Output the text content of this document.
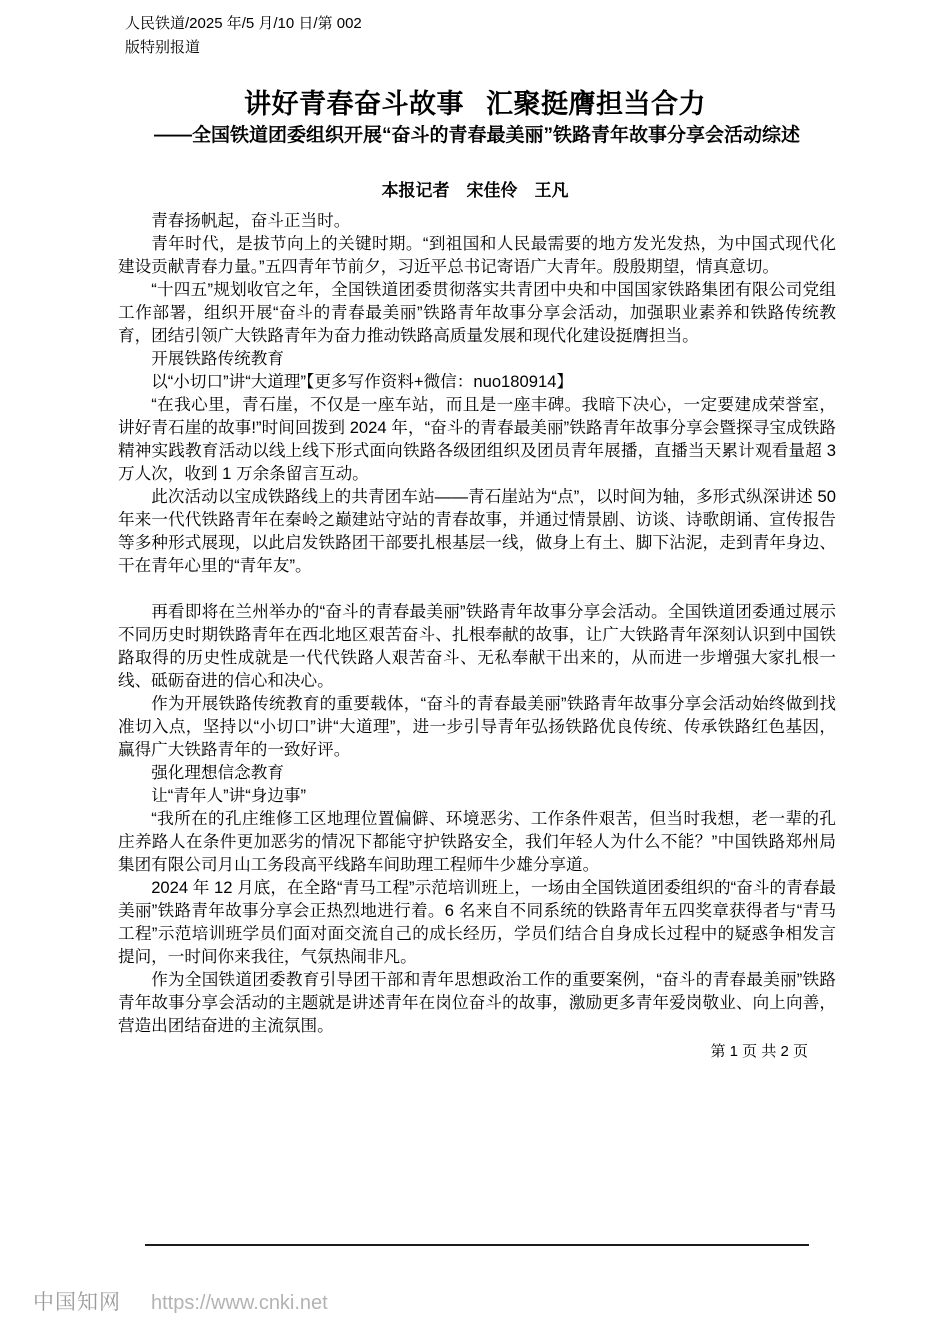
人民铁道/2025 年/5 月/10 日/第 002
版特别报道
讲好青春奋斗故事 汇聚挺膺担当合力
——全国铁道团委组织开展“奋斗的青春最美丽”铁路青年故事分享会活动综述
本报记者　宋佳伶　王凡

青春扬帆起，奋斗正当时。

青年时代，是拔节向上的关键时期。“到祖国和人民最需要的地方发光发热，为中国式现代化建设贡献青春力量。”五四青年节前夕，习近平总书记寄语广大青年。殷殷期望，情真意切。

“十四五”规划收官之年，全国铁道团委贯彻落实共青团中央和中国国家铁路集团有限公司党组工作部署，组织开展“奋斗的青春最美丽”铁路青年故事分享会活动，加强职业素养和铁路传统教育，团结引领广大铁路青年为奋力推动铁路高质量发展和现代化建设挺膺担当。

开展铁路传统教育

以“小切口”讲“大道理”【更多写作资料+微信：nuo180914】

“在我心里，青石崖，不仅是一座车站，而且是一座丰碑。我暗下决心，一定要建成荣誉室，讲好青石崖的故事!”时间回拨到 2024 年，“奋斗的青春最美丽”铁路青年故事分享会暨探寻宝成铁路精神实践教育活动以线上线下形式面向铁路各级团组织及团员青年展播，直播当天累计观看量超 3 万人次，收到 1 万余条留言互动。

此次活动以宝成铁路线上的共青团车站——青石崖站为“点”，以时间为轴，多形式纵深讲述 50 年来一代代铁路青年在秦岭之巅建站守站的青春故事，并通过情景剧、访谈、诗歌朗诵、宣传报告等多种形式展现，以此启发铁路团干部要扎根基层一线，做身上有土、脚下沾泥，走到青年身边、干在青年心里的“青年友”。

再看即将在兰州举办的“奋斗的青春最美丽”铁路青年故事分享会活动。全国铁道团委通过展示不同历史时期铁路青年在西北地区艰苦奋斗、扎根奉献的故事，让广大铁路青年深刻认识到中国铁路取得的历史性成就是一代代铁路人艰苦奋斗、无私奉献干出来的，从而进一步增强大家扎根一线、砥砺奋进的信心和决心。

作为开展铁路传统教育的重要载体，“奋斗的青春最美丽”铁路青年故事分享会活动始终做到找准切入点，坚持以“小切口”讲“大道理”，进一步引导青年弘扬铁路优良传统、传承铁路红色基因，赢得广大铁路青年的一致好评。

强化理想信念教育

让“青年人”讲“身边事”

“我所在的孔庄维修工区地理位置偏僻、环境恶劣、工作条件艰苦，但当时我想，老一辈的孔庄养路人在条件更加恶劣的情况下都能守护铁路安全，我们年轻人为什么不能？”中国铁路郑州局集团有限公司月山工务段高平线路车间助理工程师牛少雄分享道。

2024 年 12 月底，在全路“青马工程”示范培训班上，一场由全国铁道团委组织的“奋斗的青春最美丽”铁路青年故事分享会正热烈地进行着。6 名来自不同系统的铁路青年五四奖章获得者与“青马工程”示范培训班学员们面对面交流自己的成长经历，学员们结合自身成长过程中的疑惑争相发言提问，一时间你来我往，气氛热闹非凡。

作为全国铁道团委教育引导团干部和青年思想政治工作的重要案例，“奋斗的青春最美丽”铁路青年故事分享会活动的主题就是讲述青年在岗位奋斗的故事，激励更多青年爱岗敬业、向上向善，营造出团结奋进的主流氛围。

第 1 页 共 2 页
中国知网 https://www.cnki.net
